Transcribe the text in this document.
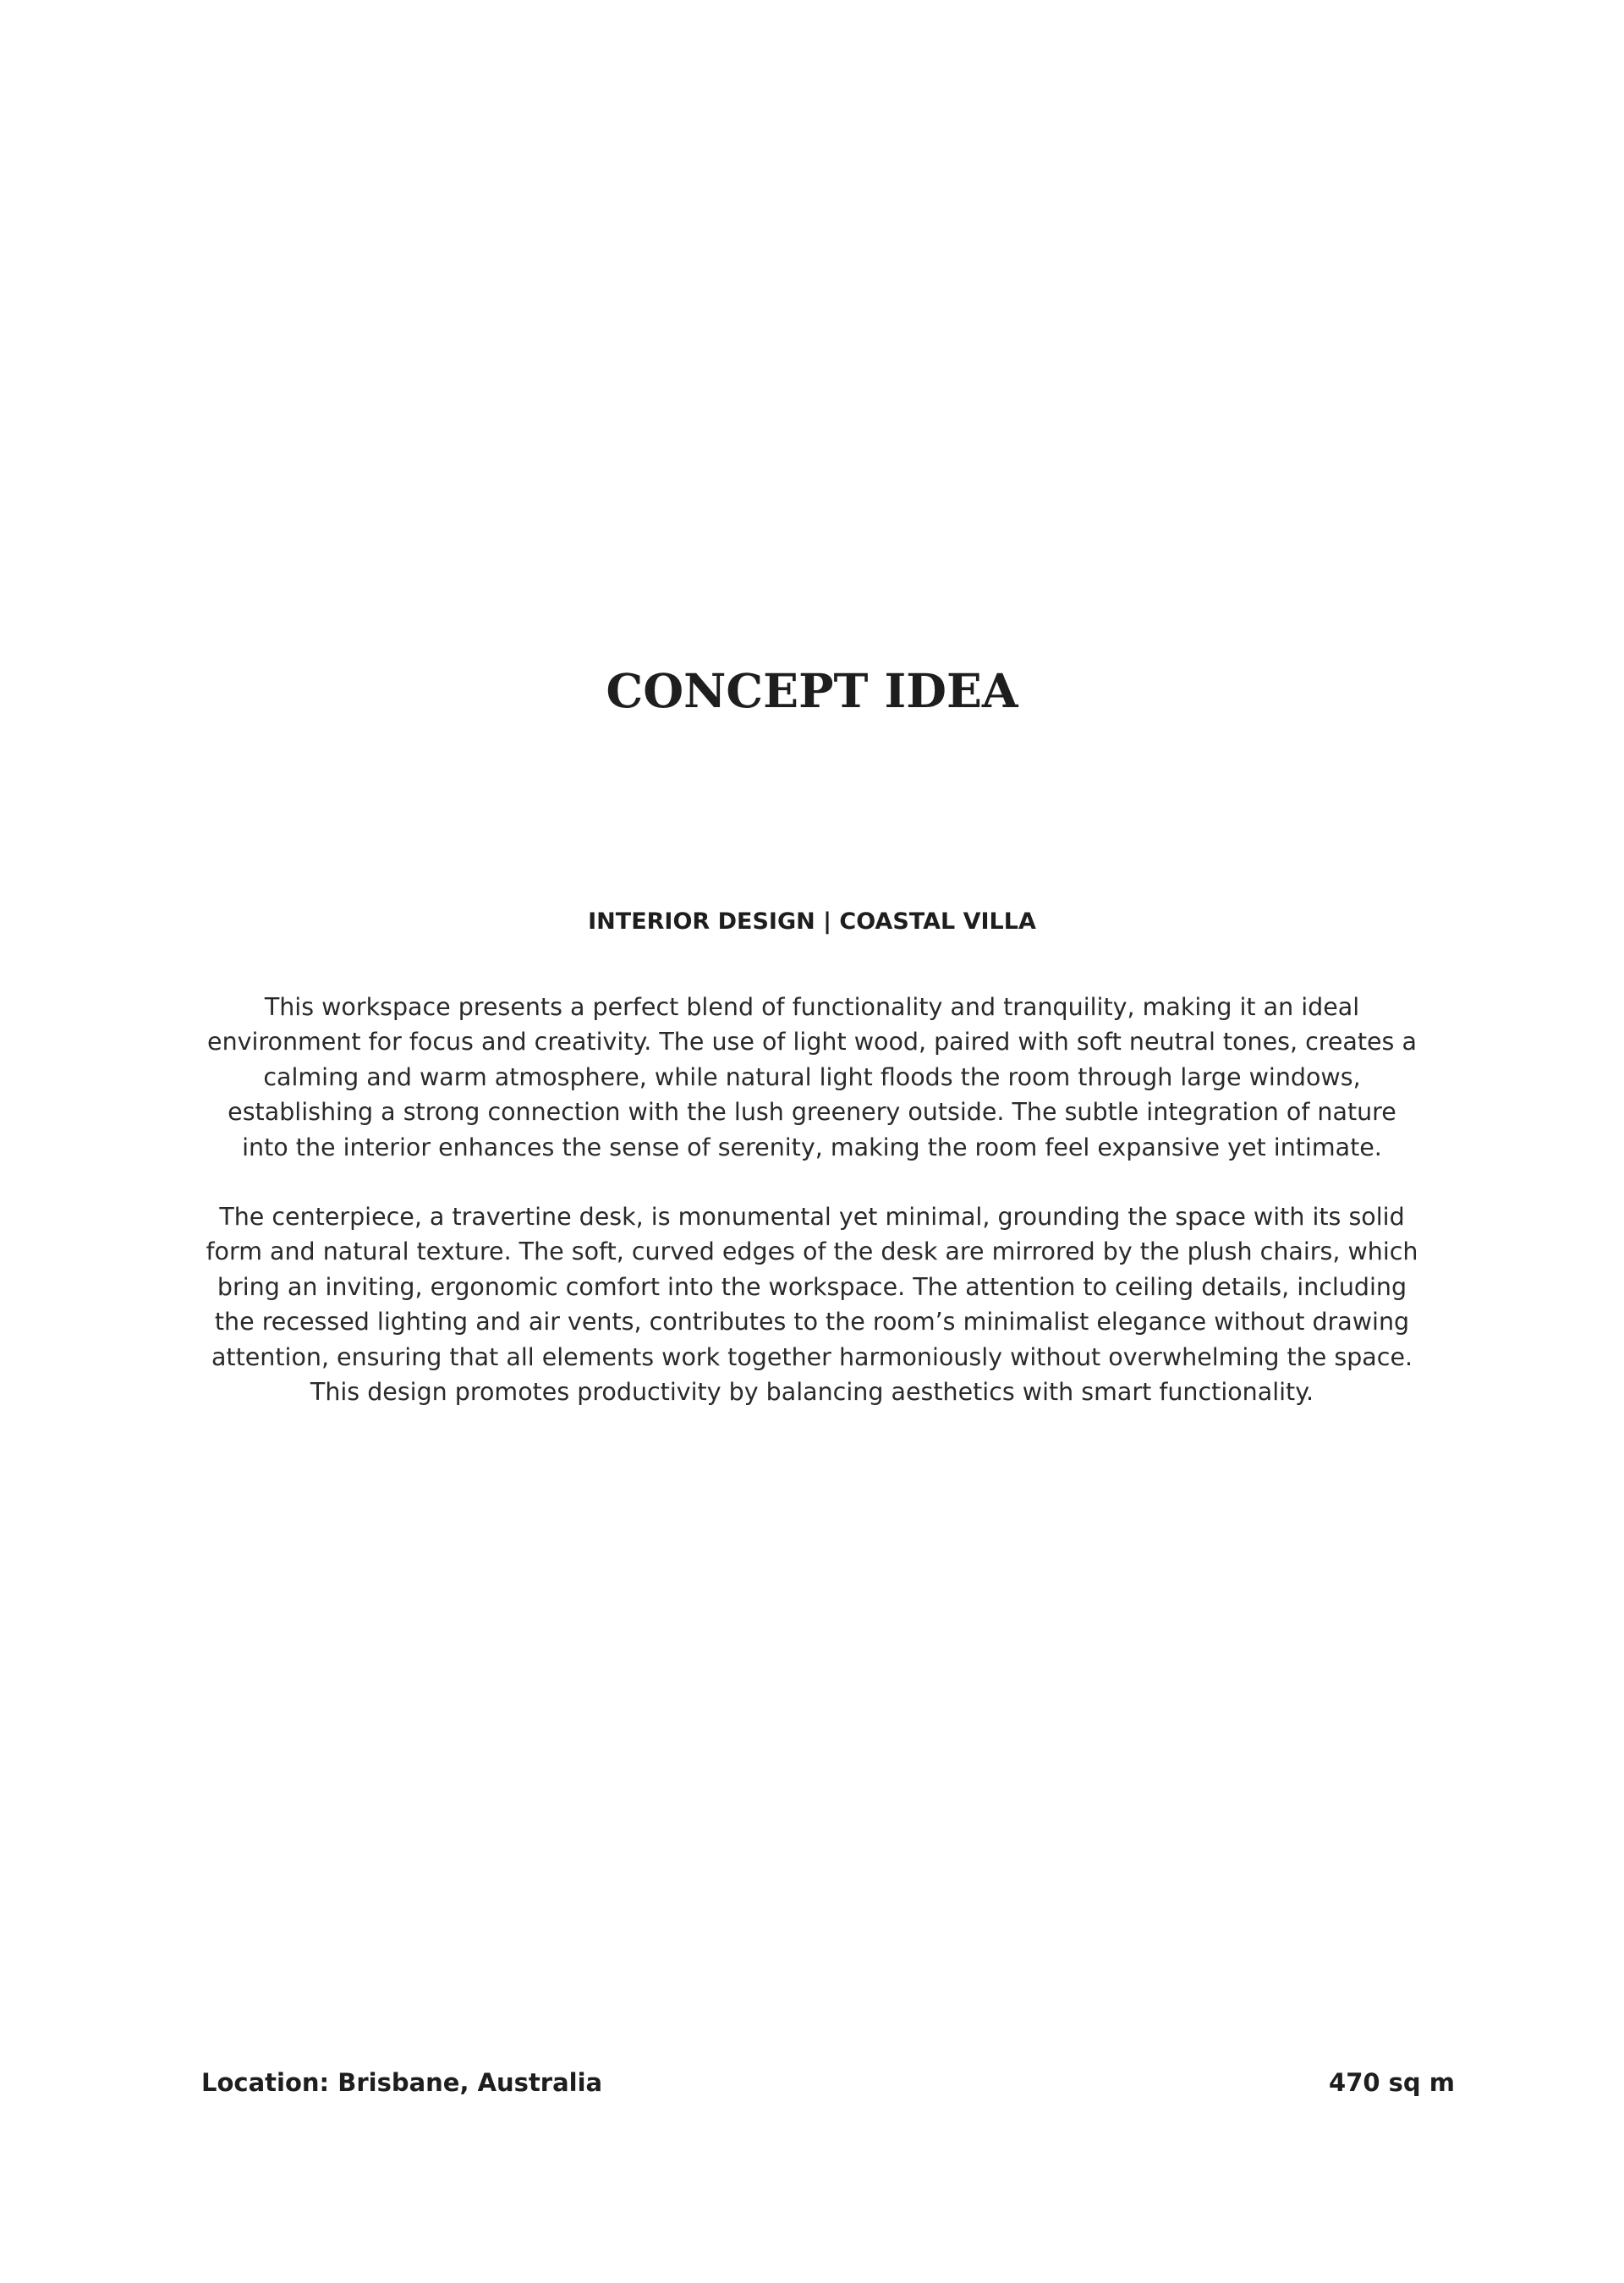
CONCEPT IDEA
INTERIOR DESIGN | COASTAL VILLA

This workspace presents a perfect blend of functionality and tranquility, making it an ideal environment for focus and creativity. The use of light wood, paired with soft neutral tones, creates a calming and warm atmosphere, while natural light floods the room through large windows, establishing a strong connection with the lush greenery outside. The subtle integration of nature into the interior enhances the sense of serenity, making the room feel expansive yet intimate.

The centerpiece, a travertine desk, is monumental yet minimal, grounding the space with its solid form and natural texture. The soft, curved edges of the desk are mirrored by the plush chairs, which bring an inviting, ergonomic comfort into the workspace. The attention to ceiling details, including the recessed lighting and air vents, contributes to the room’s minimalist elegance without drawing attention, ensuring that all elements work together harmoniously without overwhelming the space. This design promotes productivity by balancing aesthetics with smart functionality.

Location: Brisbane, Australia	470 sq m
